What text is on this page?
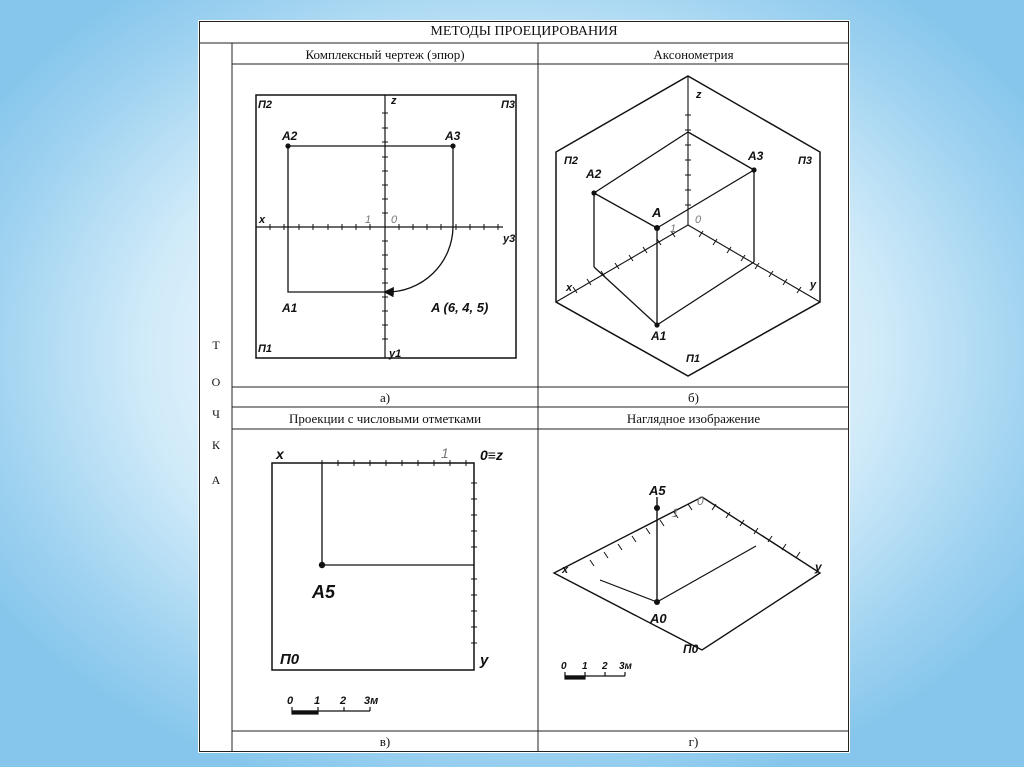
П2	П3
z
x	1 0
y3
A2	A3
A1	A (6, 4, 5)
П1	y1
z
П2	П3
A2
A3
A
1
0
x	y
A1
П1
x	1 0≡z
A5
П0	y
0 1 2 3м
A5
0
1
x	y
A0
П0
0 1 2 3м
МЕТОДЫ ПРОЕЦИРОВАНИЯ
Комплексный чертеж (эпюр)	Аксонометрия
а)	б)
Проекции с числовыми отметками	Наглядное изображение
в)	г)
Т
О
Ч
К
А
